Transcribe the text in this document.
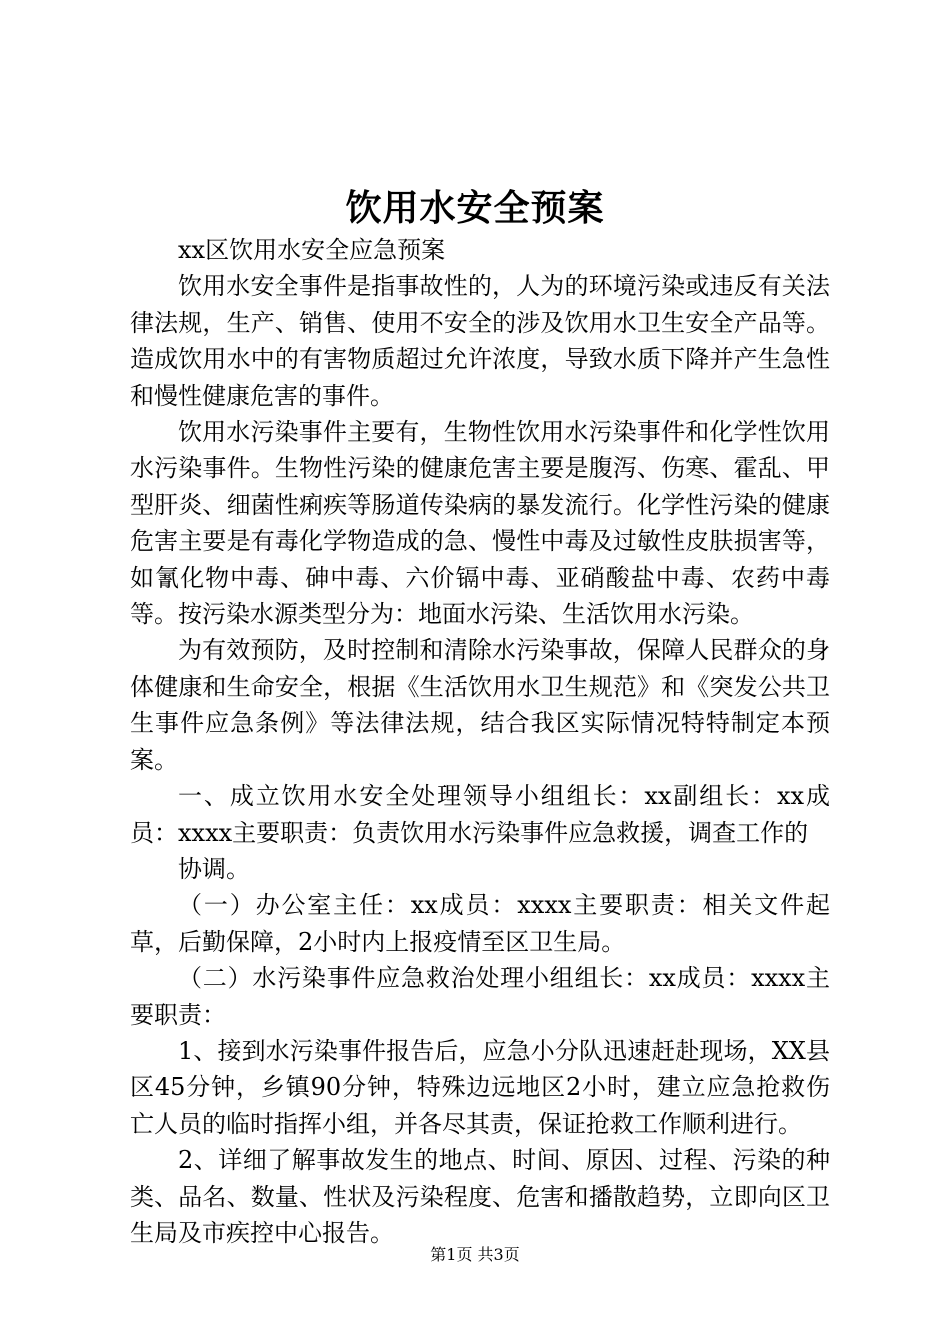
饮用水安全预案

xx区饮用水安全应急预案

饮用水安全事件是指事故性的，人为的环境污染或违反有关法律法规，生产、销售、使用不安全的涉及饮用水卫生安全产品等。造成饮用水中的有害物质超过允许浓度，导致水质下降并产生急性和慢性健康危害的事件。

饮用水污染事件主要有，生物性饮用水污染事件和化学性饮用水污染事件。生物性污染的健康危害主要是腹泻、伤寒、霍乱、甲型肝炎、细菌性痢疾等肠道传染病的暴发流行。化学性污染的健康危害主要是有毒化学物造成的急、慢性中毒及过敏性皮肤损害等，如氰化物中毒、砷中毒、六价镉中毒、亚硝酸盐中毒、农药中毒等。按污染水源类型分为：地面水污染、生活饮用水污染。

为有效预防，及时控制和清除水污染事故，保障人民群众的身体健康和生命安全，根据《生活饮用水卫生规范》和《突发公共卫生事件应急条例》等法律法规，结合我区实际情况特特制定本预案。

一、成立饮用水安全处理领导小组组长：xx副组长：xx成员：xxxx主要职责：负责饮用水污染事件应急救援，调查工作的

协调。

（一）办公室主任：xx成员：xxxx主要职责：相关文件起草，后勤保障，2小时内上报疫情至区卫生局。

（二）水污染事件应急救治处理小组组长：xx成员：xxxx主要职责：

1、接到水污染事件报告后，应急小分队迅速赶赴现场，XX县区45分钟，乡镇90分钟，特殊边远地区2小时，建立应急抢救伤亡人员的临时指挥小组，并各尽其责，保证抢救工作顺利进行。

2、详细了解事故发生的地点、时间、原因、过程、污染的种类、品名、数量、性状及污染程度、危害和播散趋势，立即向区卫生局及市疾控中心报告。

第1页 共3页
